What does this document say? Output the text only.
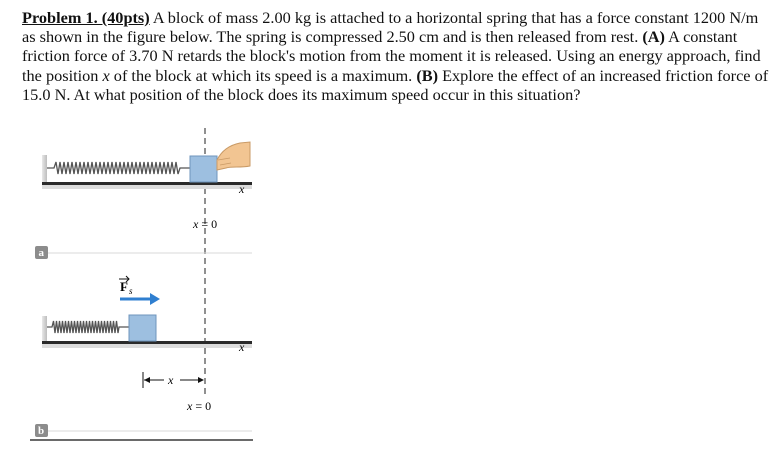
Problem 1. (40pts) A block of mass 2.00 kg is attached to a horizontal spring that has a force constant 1200 N/m as shown in the figure below. The spring is compressed 2.50 cm and is then released from rest. (A) A constant friction force of 3.70 N retards the block's motion from the moment it is released. Using an energy approach, find the position x of the block at which its speed is a maximum. (B) Explore the effect of an increased friction force of 15.0 N. At what position of the block does its maximum speed occur in this situation?
x
x = 0
a
F s
x
x
x = 0
b
